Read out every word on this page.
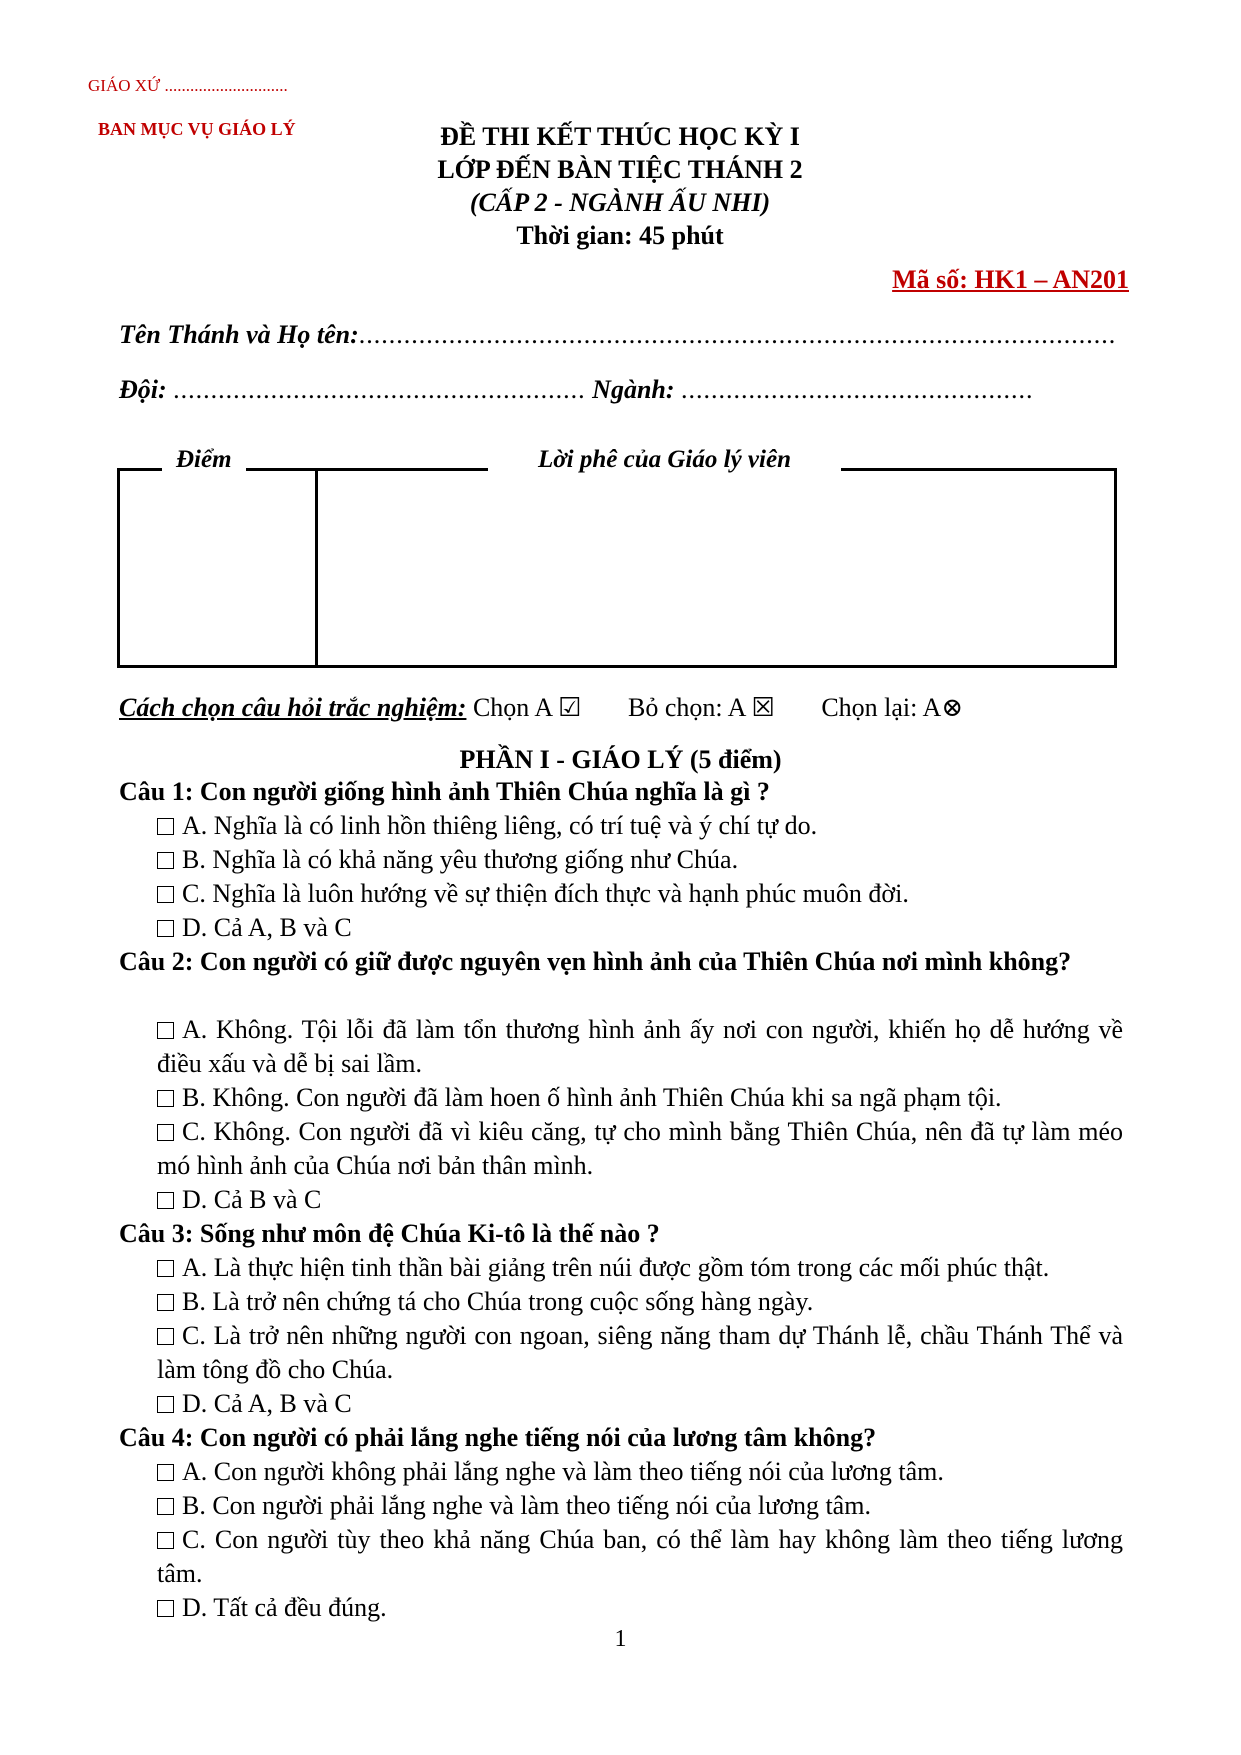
GIÁO XỨ .............................
BAN MỤC VỤ GIÁO LÝ	ĐỀ THI KẾT THÚC HỌC KỲ I
LỚP ĐẾN BÀN TIỆC THÁNH 2
(CẤP 2 - NGÀNH ẤU NHI)
Thời gian: 45 phút
Mã số: HK1 – AN201
Tên Thánh và Họ tên:.....................................................................................................
Đội: ....................................................... Ngành: ...............................................
Điểm	Lời phê của Giáo lý viên
Cách chọn câu hỏi trắc nghiệm: Chọn A ☑ Bỏ chọn: A ☒ Chọn lại: A⊗
PHẦN I - GIÁO LÝ (5 điểm)
Câu 1: Con người giống hình ảnh Thiên Chúa nghĩa là gì ?
A. Nghĩa là có linh hồn thiêng liêng, có trí tuệ và ý chí tự do.
B. Nghĩa là có khả năng yêu thương giống như Chúa.
C. Nghĩa là luôn hướng về sự thiện đích thực và hạnh phúc muôn đời.
D. Cả A, B và C
Câu 2: Con người có giữ được nguyên vẹn hình ảnh của Thiên Chúa nơi mình không?
A. Không. Tội lỗi đã làm tổn thương hình ảnh ấy nơi con người, khiến họ dễ hướng về điều xấu và dễ bị sai lầm.
B. Không. Con người đã làm hoen ố hình ảnh Thiên Chúa khi sa ngã phạm tội.
C. Không. Con người đã vì kiêu căng, tự cho mình bằng Thiên Chúa, nên đã tự làm méo mó hình ảnh của Chúa nơi bản thân mình.
D. Cả B và C
Câu 3: Sống như môn đệ Chúa Ki-tô là thế nào ?
A. Là thực hiện tinh thần bài giảng trên núi được gồm tóm trong các mối phúc thật.
B. Là trở nên chứng tá cho Chúa trong cuộc sống hàng ngày.
C. Là trở nên những người con ngoan, siêng năng tham dự Thánh lễ, chầu Thánh Thể và làm tông đồ cho Chúa.
D. Cả A, B và C
Câu 4: Con người có phải lắng nghe tiếng nói của lương tâm không?
A. Con người không phải lắng nghe và làm theo tiếng nói của lương tâm.
B. Con người phải lắng nghe và làm theo tiếng nói của lương tâm.
C. Con người tùy theo khả năng Chúa ban, có thể làm hay không làm theo tiếng lương tâm.
D. Tất cả đều đúng.
1
